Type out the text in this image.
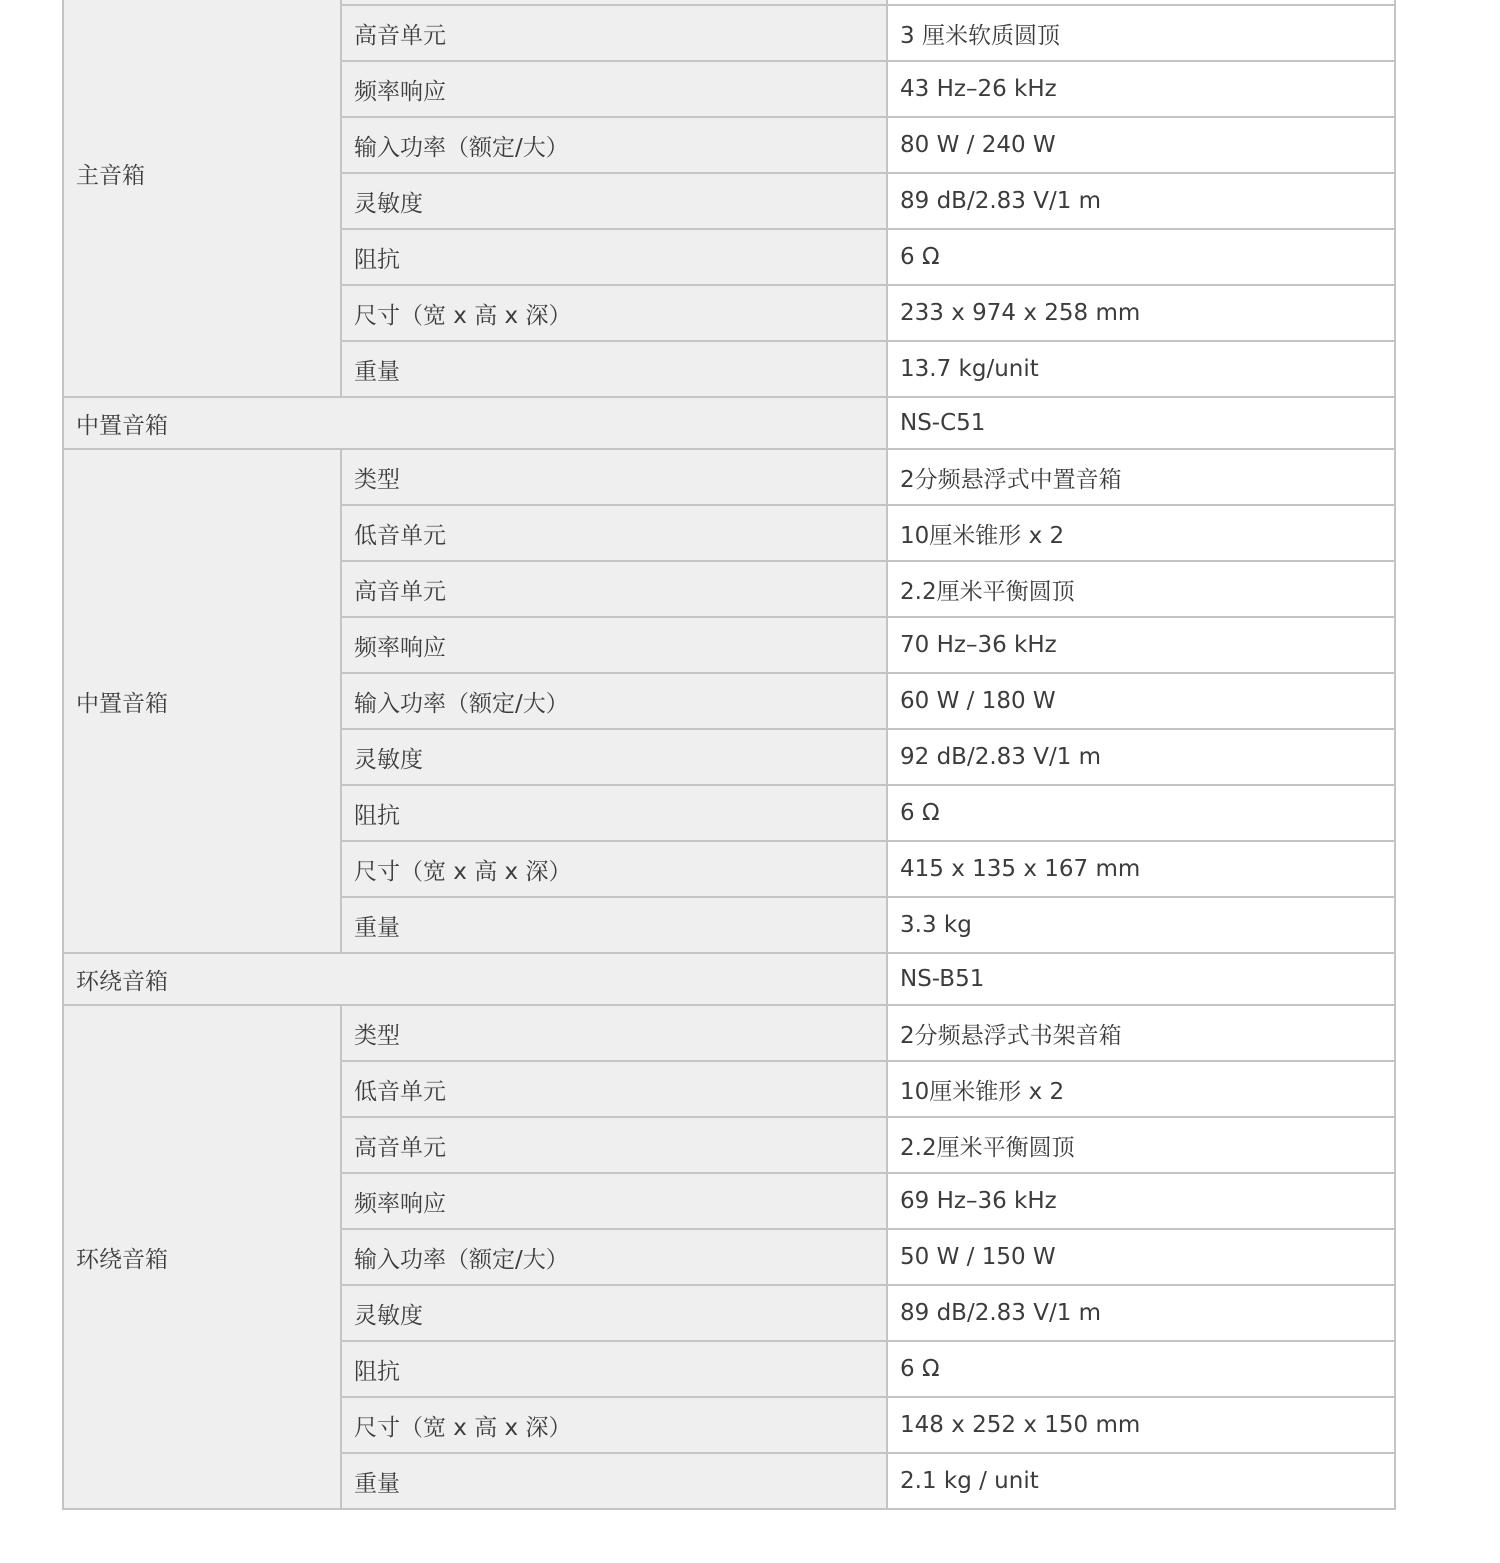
主音箱		
	高音单元	3 厘米软质圆顶
	频率响应	43 Hz–26 kHz
	输入功率（额定/大）	80 W / 240 W
	灵敏度	89 dB/2.83 V/1 m
	阻抗	6 Ω
	尺寸（宽 x 高 x 深）	233 x 974 x 258 mm
	重量	13.7 kg/unit
中置音箱		NS-C51
中置音箱	类型	2分频悬浮式中置音箱
	低音单元	10厘米锥形 x 2
	高音单元	2.2厘米平衡圆顶
	频率响应	70 Hz–36 kHz
	输入功率（额定/大）	60 W / 180 W
	灵敏度	92 dB/2.83 V/1 m
	阻抗	6 Ω
	尺寸（宽 x 高 x 深）	415 x 135 x 167 mm
	重量	3.3 kg
环绕音箱		NS-B51
环绕音箱	类型	2分频悬浮式书架音箱
	低音单元	10厘米锥形 x 2
	高音单元	2.2厘米平衡圆顶
	频率响应	69 Hz–36 kHz
	输入功率（额定/大）	50 W / 150 W
	灵敏度	89 dB/2.83 V/1 m
	阻抗	6 Ω
	尺寸（宽 x 高 x 深）	148 x 252 x 150 mm
	重量	2.1 kg / unit
